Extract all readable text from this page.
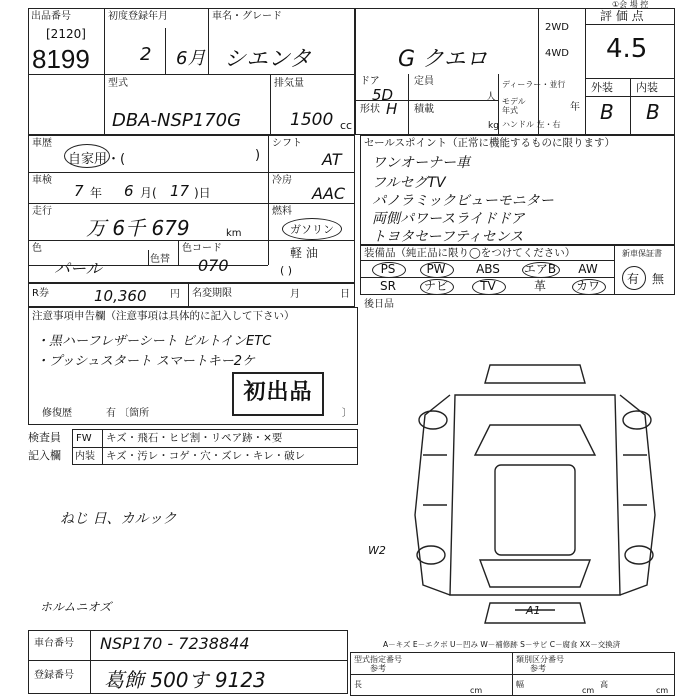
出品番号
[2120]
8199
初度登録年月
2 6月
車名・グレード
シエンタ	G クエロ
①会 場 控
2WD
4WD
評 価 点
4.5
外装 内装
B B
型式
DBA-NSP170G
排気量
1500 cc
ドア
5D
形状 H
定員
人
積載
kg
ディーラー・並行
モデル年式	年
ハンドル 左・右
車歴
自家用・(	)
シフト
AT
車検
7 年 6 月( 17 )日
冷房
AAC
走行
万 6千 679	km
燃料
ガソリン
軽 油
( )
色
パール	色替
色コード
070
R券	10,360 円 名変期限	月	日
セールスポイント（正常に機能するものに限ります）
ワンオーナー車
フルセグTV
パノラミックビューモニター
両側パワースライドドア
トヨタセーフティセンス
装備品（純正品に限り◯をつけてください）	新車保証書
有 無
PS	PW	ABS	エアB	AW
SR	ナビ	TV	革	カワ
後日品
注意事項申告欄（注意事項は具体的に記入して下さい）
・黒ハーフレザーシート ビルトインETC
・プッシュスタート スマートキー2ケ
初出品
修復歴	有 〔箇所	〕
検査員
記入欄
FW キズ・飛石・ヒビ割・リペア跡・×要
内装 キズ・汚レ・コゲ・穴・ズレ・キレ・破レ
ねじ 日、カルック
ホルムニオズ
W2
A1
A－キズ E－エクボ U－凹み W－補修跡 S－サビ C－腐食 XX－交換済
車台番号 NSP170 - 7238844
登録番号 葛飾 500す 9123
型式指定番号
参考
類別区分番号
参考
長
cm
幅
cm
高
cm
